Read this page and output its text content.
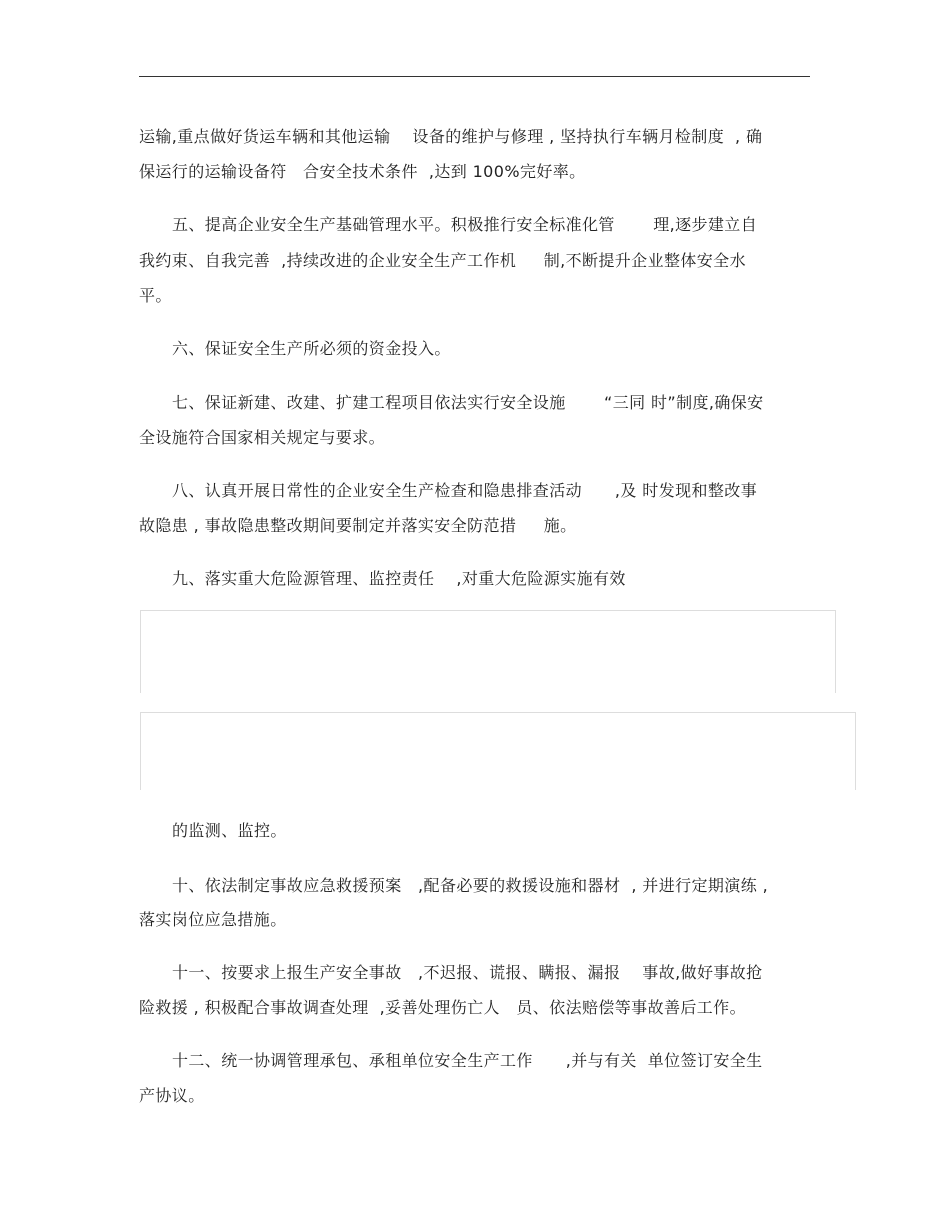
运输,重点做好货运车辆和其他运输    设备的维护与修理 , 坚持执行车辆月检制度  , 确
保运行的运输设备符   合安全技术条件  ,达到 100%完好率。
五、提高企业安全生产基础管理水平。积极推行安全标准化管       理,逐步建立自
我约束、自我完善  ,持续改进的企业安全生产工作机     制,不断提升企业整体安全水
平。
六、保证安全生产所必须的资金投入。
七、保证新建、改建、扩建工程项目依法实行安全设施       “三同 时”制度,确保安
全设施符合国家相关规定与要求。
八、认真开展日常性的企业安全生产检查和隐患排查活动      ,及 时发现和整改事
故隐患 , 事故隐患整改期间要制定并落实安全防范措     施。
九、落实重大危险源管理、监控责任    ,对重大危险源实施有效
的监测、监控。
十、依法制定事故应急救援预案   ,配备必要的救援设施和器材  , 并进行定期演练 ,
落实岗位应急措施。
十一、按要求上报生产安全事故   ,不迟报、谎报、瞒报、漏报    事故,做好事故抢
险救援 , 积极配合事故调查处理  ,妥善处理伤亡人   员、依法赔偿等事故善后工作。
十二、统一协调管理承包、承租单位安全生产工作      ,并与有关  单位签订安全生
产协议。
